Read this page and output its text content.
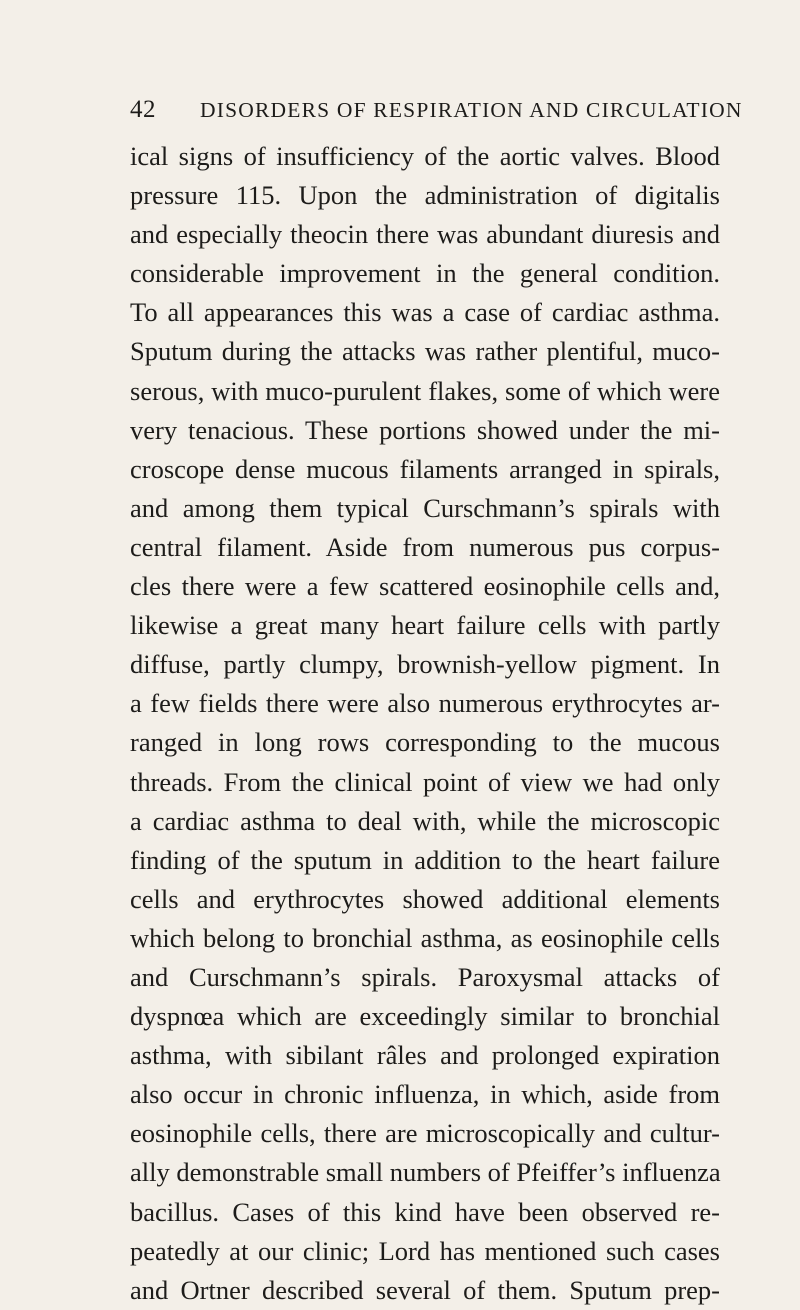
42 DISORDERS OF RESPIRATION AND CIRCULATION
ical signs of insufficiency of the aortic valves. Blood
pressure 115. Upon the administration of digitalis
and especially theocin there was abundant diuresis and
considerable improvement in the general condition.
To all appearances this was a case of cardiac asthma.
Sputum during the attacks was rather plentiful, muco-
serous, with muco-purulent flakes, some of which were
very tenacious. These portions showed under the mi-
croscope dense mucous filaments arranged in spirals,
and among them typical Curschmann’s spirals with
central filament. Aside from numerous pus corpus-
cles there were a few scattered eosinophile cells and,
likewise a great many heart failure cells with partly
diffuse, partly clumpy, brownish-yellow pigment. In
a few fields there were also numerous erythrocytes ar-
ranged in long rows corresponding to the mucous
threads. From the clinical point of view we had only
a cardiac asthma to deal with, while the microscopic
finding of the sputum in addition to the heart failure
cells and erythrocytes showed additional elements
which belong to bronchial asthma, as eosinophile cells
and Curschmann’s spirals. Paroxysmal attacks of
dyspnœa which are exceedingly similar to bronchial
asthma, with sibilant râles and prolonged expiration
also occur in chronic influenza, in which, aside from
eosinophile cells, there are microscopically and cultur-
ally demonstrable small numbers of Pfeiffer’s influenza
bacillus. Cases of this kind have been observed re-
peatedly at our clinic; Lord has mentioned such cases
and Ortner described several of them. Sputum prep-
